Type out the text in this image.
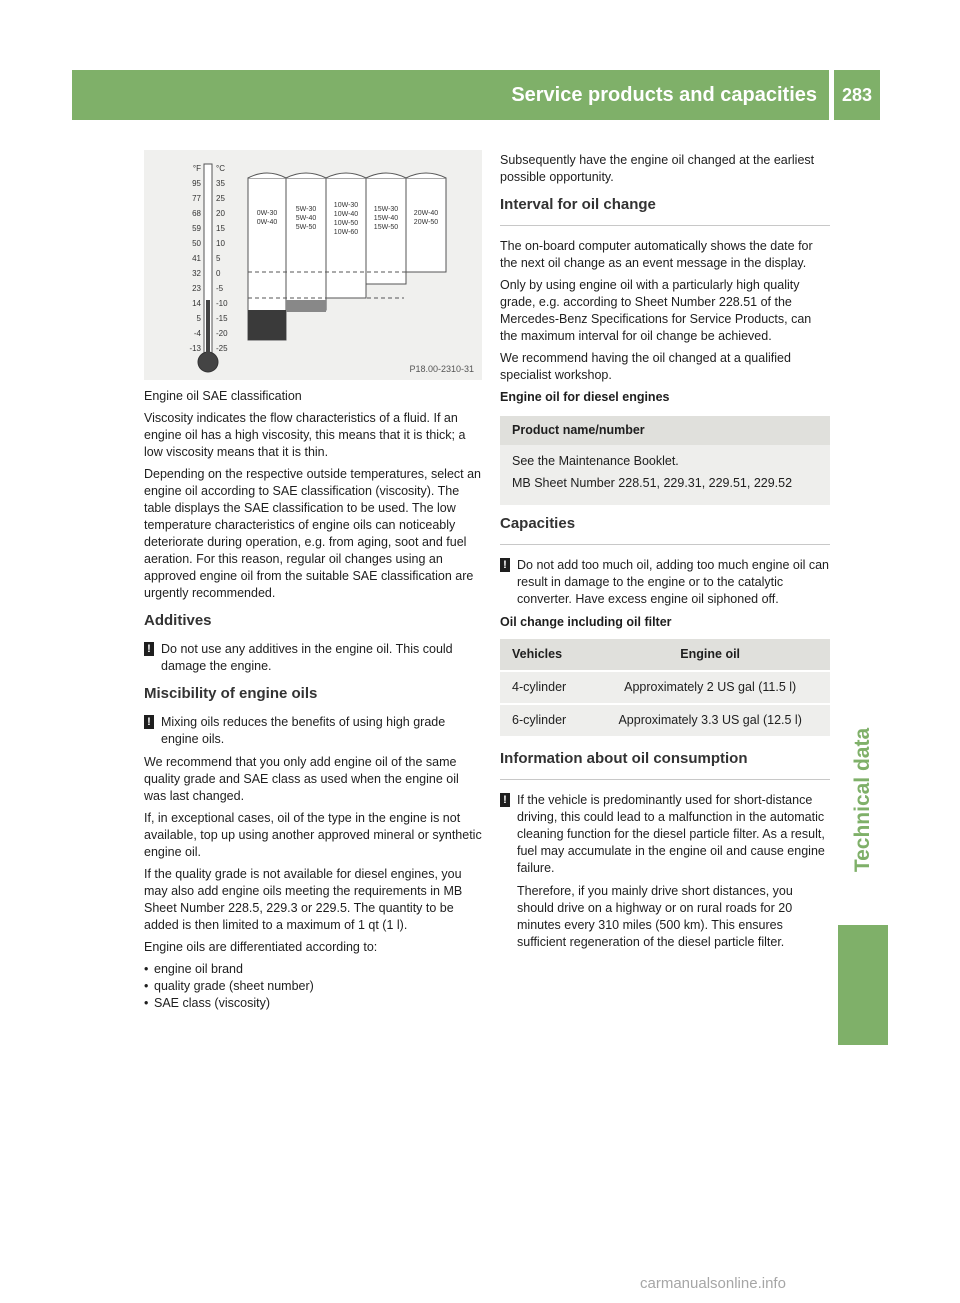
Service products and capacities	283
Technical data
°F
95
77
68
59
50
41
32
23
14
5
-4
-13
°C
35
25
20
15
10
5
0
-5
-10
-15
-20
-25
0W-30
0W-40
5W-30
5W-40
5W-50
10W-30
10W-40
10W-50
10W-60
15W-30
15W-40
15W-50
20W-40
20W-50
P18.00-2310-31

Engine oil SAE classification

Viscosity indicates the flow characteristics of a fluid. If an engine oil has a high viscosity, this means that it is thick; a low viscosity means that it is thin.

Depending on the respective outside temperatures, select an engine oil according to SAE classification (viscosity). The table displays the SAE classification to be used. The low temperature characteristics of engine oils can noticeably deteriorate during operation, e.g. from aging, soot and fuel aeration. For this reason, regular oil changes using an approved engine oil from the suitable SAE classification are urgently recommended.

Additives
! Do not use any additives in the engine oil. This could damage the engine.
Miscibility of engine oils
! Mixing oils reduces the benefits of using high grade engine oils.

We recommend that you only add engine oil of the same quality grade and SAE class as used when the engine oil was last changed.

If, in exceptional cases, oil of the type in the engine is not available, top up using another approved mineral or synthetic engine oil.

If the quality grade is not available for diesel engines, you may also add engine oils meeting the requirements in MB Sheet Number 228.5, 229.3 or 229.5. The quantity to be added is then limited to a maximum of 1 qt (1 l).

Engine oils are differentiated according to:

• engine oil brand
• quality grade (sheet number)
• SAE class (viscosity)

Subsequently have the engine oil changed at the earliest possible opportunity.

Interval for oil change

The on-board computer automatically shows the date for the next oil change as an event message in the display.

Only by using engine oil with a particularly high quality grade, e.g. according to Sheet Number 228.51 of the Mercedes-Benz Specifications for Service Products, can the maximum interval for oil change be achieved.

We recommend having the oil changed at a qualified specialist workshop.

Engine oil for diesel engines
Product name/number

See the Maintenance Booklet.

MB Sheet Number 228.51, 229.31, 229.51, 229.52

Capacities
! Do not add too much oil, adding too much engine oil can result in damage to the engine or to the catalytic converter. Have excess engine oil siphoned off.
Oil change including oil filter
Vehicles	Engine oil
4-cylinder	Approximately 2 US gal (11.5 l)
6-cylinder	Approximately 3.3 US gal (12.5 l)
Information about oil consumption
! If the vehicle is predominantly used for short-distance driving, this could lead to a malfunction in the automatic cleaning function for the diesel particle filter. As a result, fuel may accumulate in the engine oil and cause engine failure.

Therefore, if you mainly drive short distances, you should drive on a highway or on rural roads for 20 minutes every 310 miles (500 km). This ensures sufficient regeneration of the diesel particle filter.

carmanualsonline.info
